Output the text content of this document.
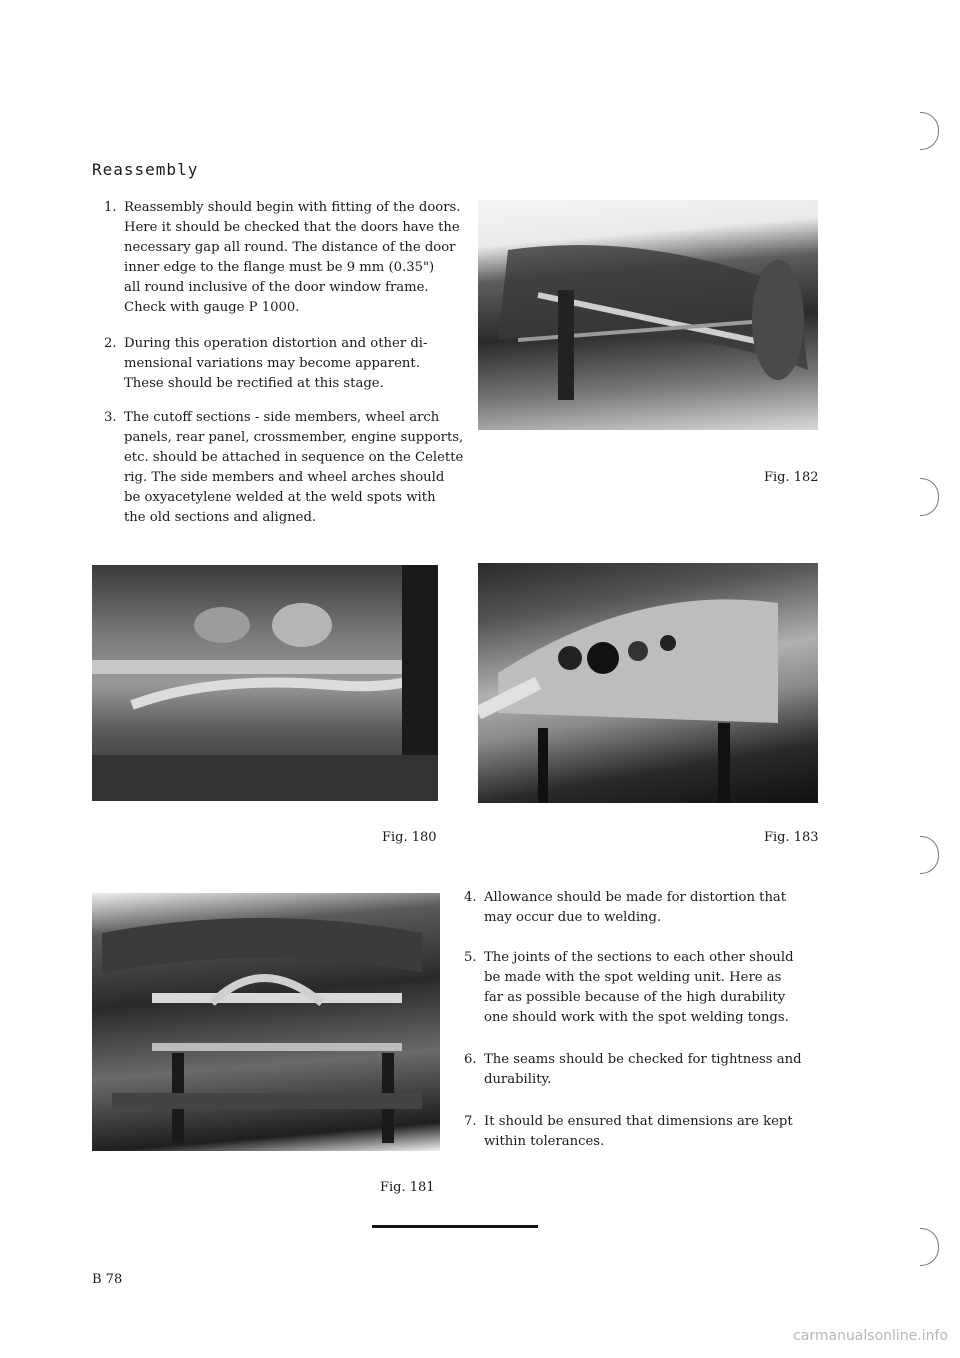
Reassembly
1. Reassembly should begin with fitting of the doors.
Here it should be checked that the doors have the
necessary gap all round. The distance of the door
inner edge to the flange must be 9 mm (0.35")
all round inclusive of the door window frame.
Check with gauge P 1000.
2. During this operation distortion and other di-
mensional variations may become apparent.
These should be rectified at this stage.
3. The cutoff sections - side members, wheel arch
panels, rear panel, crossmember, engine supports,
etc. should be attached in sequence on the Celette
rig. The side members and wheel arches should
be oxyacetylene welded at the weld spots with
the old sections and aligned.
Fig. 182
Fig. 180	Fig. 183
Fig. 181
4. Allowance should be made for distortion that
may occur due to welding.
5. The joints of the sections to each other should
be made with the spot welding unit. Here as
far as possible because of the high durability
one should work with the spot welding tongs.
6. The seams should be checked for tightness and
durability.
7. It should be ensured that dimensions are kept
within tolerances.
B 78
carmanualsonline.info
